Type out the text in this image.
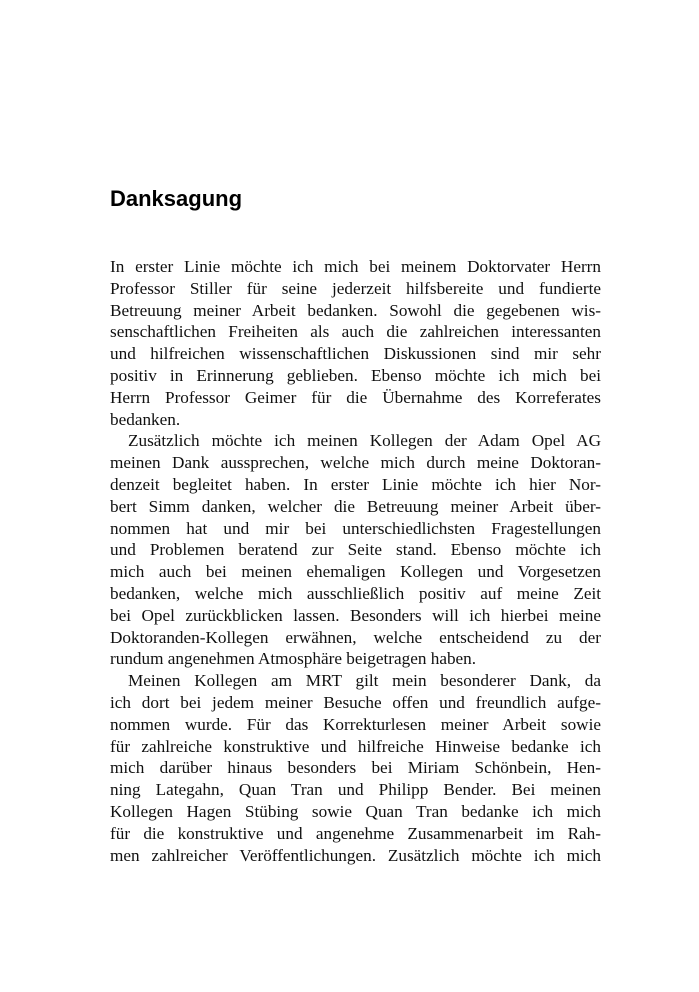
Danksagung
In erster Linie möchte ich mich bei meinem Doktorvater Herrn
Professor Stiller für seine jederzeit hilfsbereite und fundierte
Betreuung meiner Arbeit bedanken. Sowohl die gegebenen wis-
senschaftlichen Freiheiten als auch die zahlreichen interessanten
und hilfreichen wissenschaftlichen Diskussionen sind mir sehr
positiv in Erinnerung geblieben. Ebenso möchte ich mich bei
Herrn Professor Geimer für die Übernahme des Korreferates
bedanken.
Zusätzlich möchte ich meinen Kollegen der Adam Opel AG
meinen Dank aussprechen, welche mich durch meine Doktoran-
denzeit begleitet haben. In erster Linie möchte ich hier Nor-
bert Simm danken, welcher die Betreuung meiner Arbeit über-
nommen hat und mir bei unterschiedlichsten Fragestellungen
und Problemen beratend zur Seite stand. Ebenso möchte ich
mich auch bei meinen ehemaligen Kollegen und Vorgesetzen
bedanken, welche mich ausschließlich positiv auf meine Zeit
bei Opel zurückblicken lassen. Besonders will ich hierbei meine
Doktoranden-Kollegen erwähnen, welche entscheidend zu der
rundum angenehmen Atmosphäre beigetragen haben.
Meinen Kollegen am MRT gilt mein besonderer Dank, da
ich dort bei jedem meiner Besuche offen und freundlich aufge-
nommen wurde. Für das Korrekturlesen meiner Arbeit sowie
für zahlreiche konstruktive und hilfreiche Hinweise bedanke ich
mich darüber hinaus besonders bei Miriam Schönbein, Hen-
ning Lategahn, Quan Tran und Philipp Bender. Bei meinen
Kollegen Hagen Stübing sowie Quan Tran bedanke ich mich
für die konstruktive und angenehme Zusammenarbeit im Rah-
men zahlreicher Veröffentlichungen. Zusätzlich möchte ich mich
